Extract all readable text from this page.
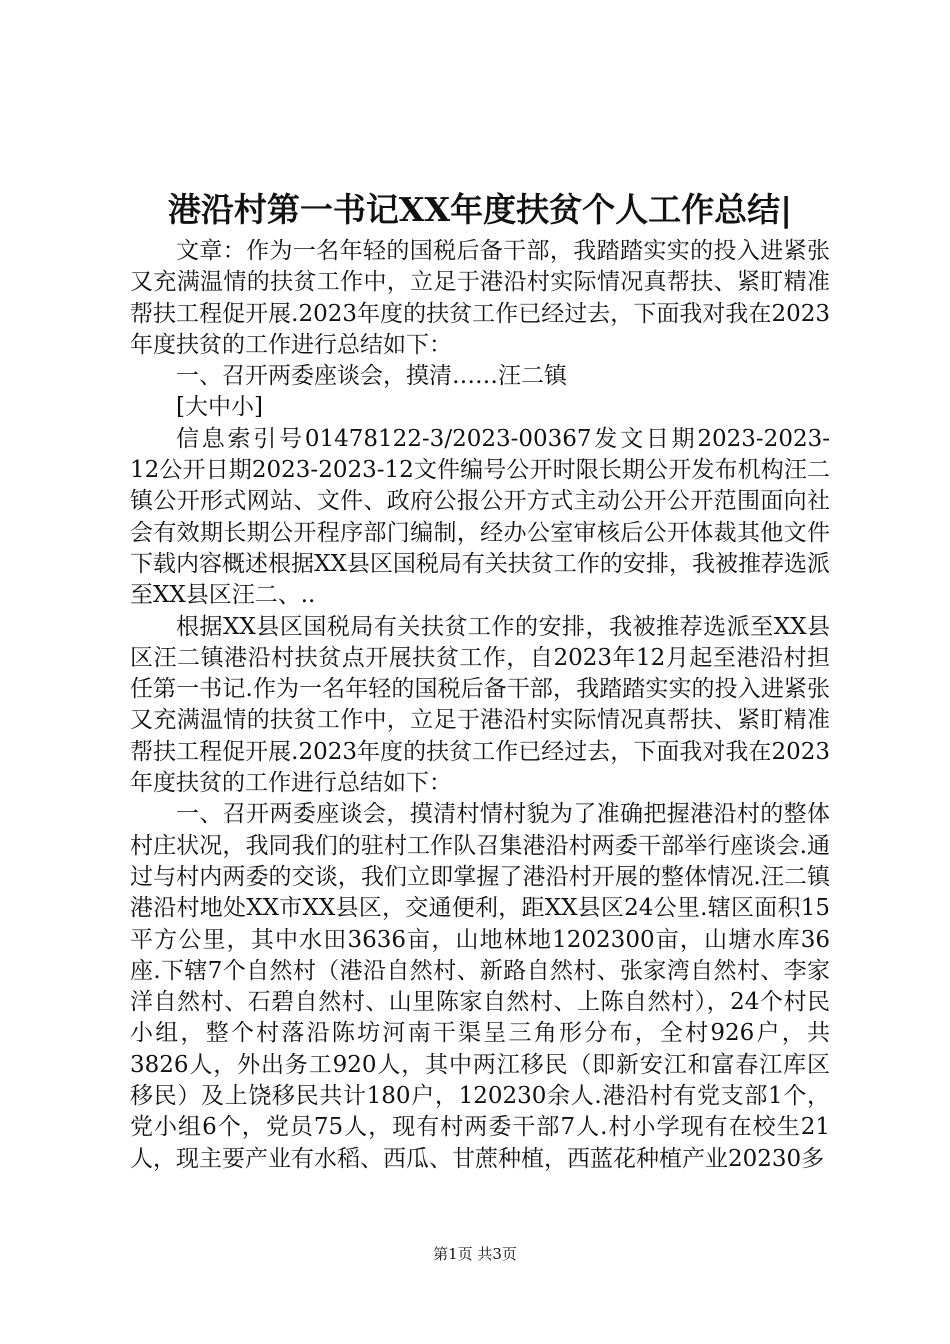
港沿村第一书记XX年度扶贫个人工作总结|

文章：作为一名年轻的国税后备干部，我踏踏实实的投入进紧张又充满温情的扶贫工作中，立足于港沿村实际情况真帮扶、紧盯精准帮扶工程促开展.2023年度的扶贫工作已经过去，下面我对我在2023年度扶贫的工作进行总结如下：

一、召开两委座谈会，摸清……汪二镇

[大中小]

信息索引号01478122-3/2023-00367发文日期2023-2023-12公开日期2023-2023-12文件编号公开时限长期公开发布机构汪二镇公开形式网站、文件、政府公报公开方式主动公开公开范围面向社会有效期长期公开程序部门编制，经办公室审核后公开体裁其他文件下载内容概述根据XX县区国税局有关扶贫工作的安排，我被推荐选派至XX县区汪二、..

根据XX县区国税局有关扶贫工作的安排，我被推荐选派至XX县区汪二镇港沿村扶贫点开展扶贫工作，自2023年12月起至港沿村担任第一书记.作为一名年轻的国税后备干部，我踏踏实实的投入进紧张又充满温情的扶贫工作中，立足于港沿村实际情况真帮扶、紧盯精准帮扶工程促开展.2023年度的扶贫工作已经过去，下面我对我在2023年度扶贫的工作进行总结如下：

一、召开两委座谈会，摸清村情村貌为了准确把握港沿村的整体村庄状况，我同我们的驻村工作队召集港沿村两委干部举行座谈会.通过与村内两委的交谈，我们立即掌握了港沿村开展的整体情况.汪二镇港沿村地处XX市XX县区，交通便利，距XX县区24公里.辖区面积15平方公里，其中水田3636亩，山地林地1202300亩，山塘水库36座.下辖7个自然村（港沿自然村、新路自然村、张家湾自然村、李家洋自然村、石碧自然村、山里陈家自然村、上陈自然村），24个村民小组，整个村落沿陈坊河南干渠呈三角形分布，全村926户，共3826人，外出务工920人，其中两江移民（即新安江和富春江库区移民）及上饶移民共计180户，120230余人.港沿村有党支部1个，党小组6个，党员75人，现有村两委干部7人.村小学现有在校生21人，现主要产业有水稻、西瓜、甘蔗种植，西蓝花种植产业20230多

第1页 共3页
